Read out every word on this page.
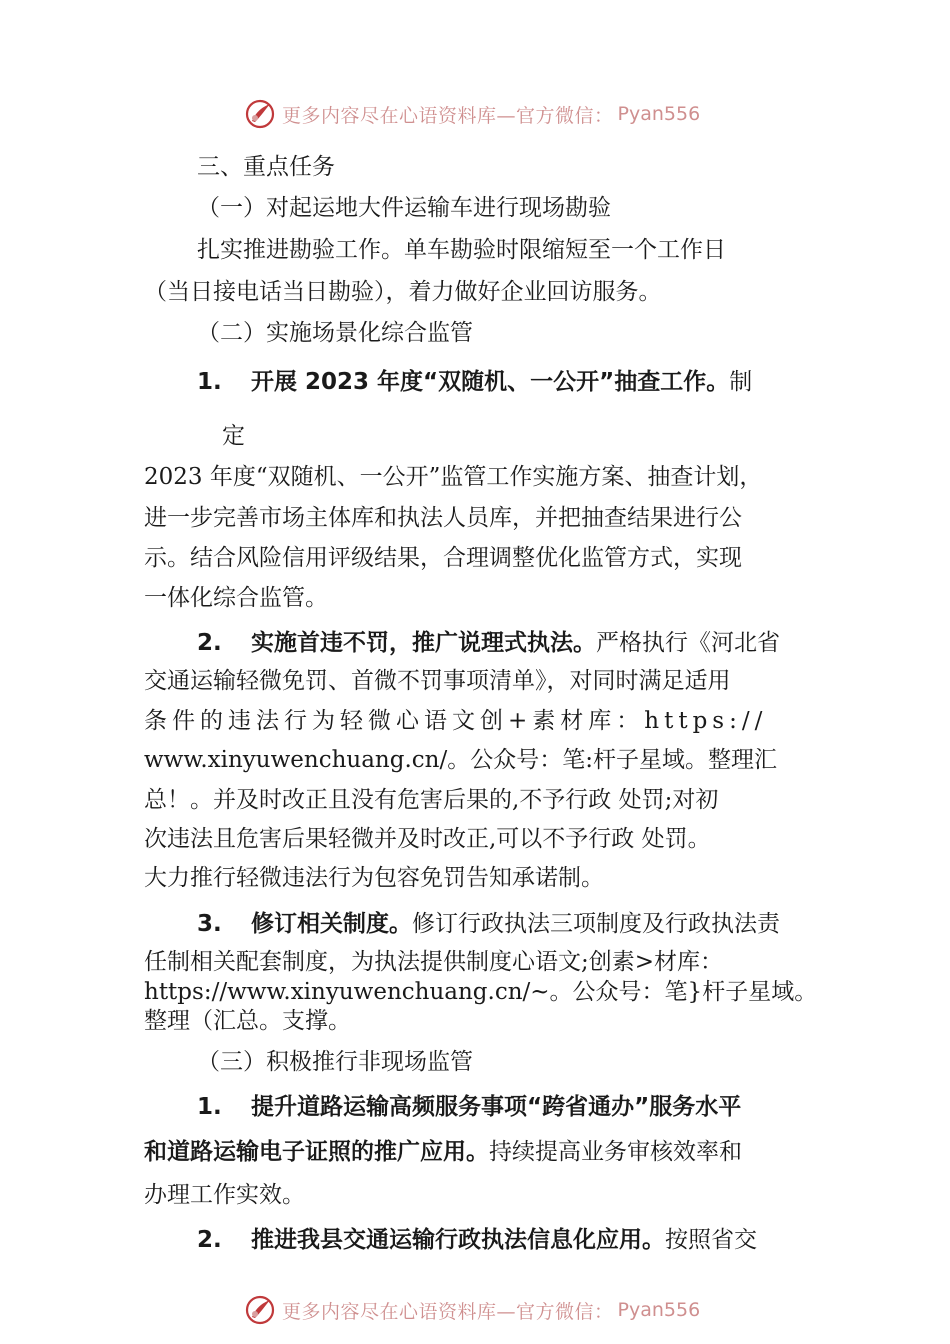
更多内容尽在心语资料库—官方微信： Pyan556
三、重点任务
（一）对起运地大件运输车进行现场勘验
扎实推进勘验工作。单车勘验时限缩短至一个工作日
（当日接电话当日勘验），着力做好企业回访服务。
（二）实施场景化综合监管
1. 开展 2023 年度“双随机、一公开”抽查工作。制
定
2023 年度“双随机、一公开”监管工作实施方案、抽查计划，
进一步完善市场主体库和执法人员库，并把抽查结果进行公
示。结合风险信用评级结果，合理调整优化监管方式，实现
一体化综合监管。
2. 实施首违不罚，推广说理式执法。严格执行《河北省
交通运输轻微免罚、首微不罚事项清单》，对同时满足适用
条件的违法行为轻微心语文创+素材库：https://
www.xinyuwenchuang.cn/。公众号：笔:杆子星域。整理汇
总！。并及时改正且没有危害后果的,不予行政 处罚;对初
次违法且危害后果轻微并及时改正,可以不予行政 处罚。
大力推行轻微违法行为包容免罚告知承诺制。
3. 修订相关制度。修订行政执法三项制度及行政执法责
任制相关配套制度，为执法提供制度心语文;创素>材库：
https://www.xinyuwenchuang.cn/~。公众号：笔}杆子星域。
整理（汇总。支撑。
（三）积极推行非现场监管
1. 提升道路运输高频服务事项“跨省通办”服务水平
和道路运输电子证照的推广应用。持续提高业务审核效率和
办理工作实效。
2. 推进我县交通运输行政执法信息化应用。按照省交
更多内容尽在心语资料库—官方微信： Pyan556
